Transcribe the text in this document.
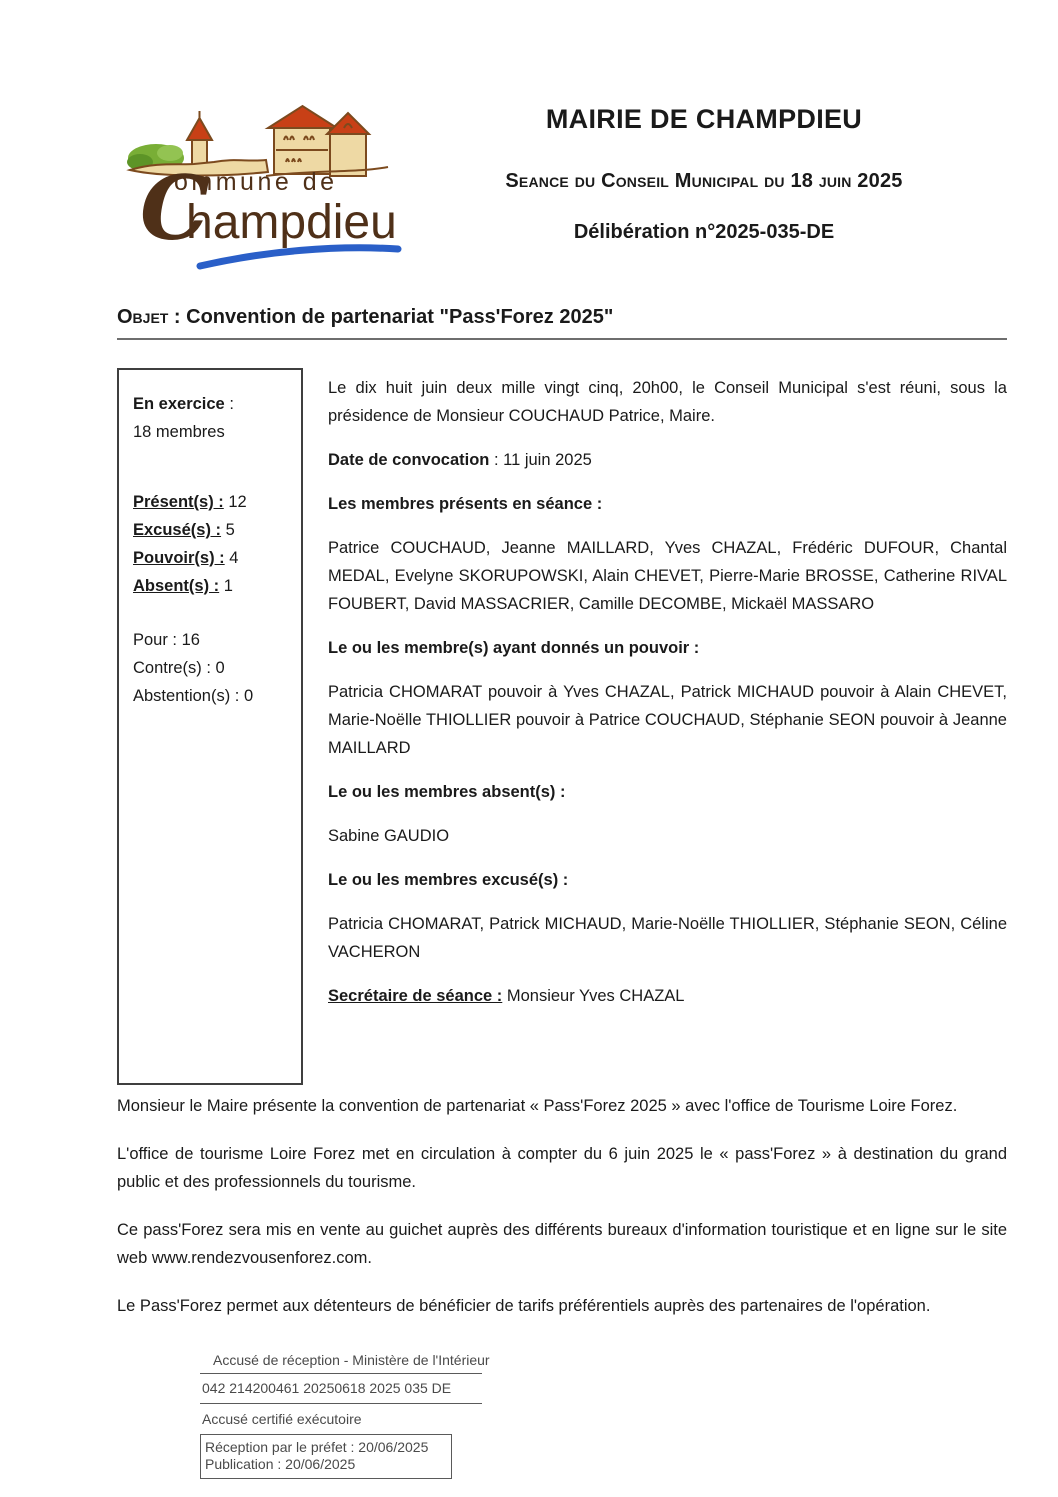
ommune de
C
hampdieu
MAIRIE DE CHAMPDIEU
Seance du Conseil Municipal du 18 juin 2025
Délibération n°2025-035-DE
Objet : Convention de partenariat "Pass'Forez 2025"
En exercice :
18 membres
Présent(s) : 12
Excusé(s) : 5
Pouvoir(s) : 4
Absent(s) : 1
Pour : 16
Contre(s) : 0
Abstention(s) : 0

Le dix huit juin deux mille vingt cinq, 20h00, le Conseil Municipal s'est réuni, sous la présidence de Monsieur COUCHAUD Patrice, Maire.

Date de convocation : 11 juin 2025

Les membres présents en séance :

Patrice COUCHAUD, Jeanne MAILLARD, Yves CHAZAL, Frédéric DUFOUR, Chantal MEDAL, Evelyne SKORUPOWSKI, Alain CHEVET, Pierre-Marie BROSSE, Catherine RIVAL FOUBERT, David MASSACRIER, Camille DECOMBE, Mickaël MASSARO

Le ou les membre(s) ayant donnés un pouvoir :

Patricia CHOMARAT pouvoir à Yves CHAZAL, Patrick MICHAUD pouvoir à Alain CHEVET, Marie-Noëlle THIOLLIER pouvoir à Patrice COUCHAUD, Stéphanie SEON pouvoir à Jeanne MAILLARD

Le ou les membres absent(s) :

Sabine GAUDIO

Le ou les membres excusé(s) :

Patricia CHOMARAT, Patrick MICHAUD, Marie-Noëlle THIOLLIER, Stéphanie SEON, Céline VACHERON

Secrétaire de séance : Monsieur Yves CHAZAL

Monsieur le Maire présente la convention de partenariat « Pass'Forez 2025 » avec l'office de Tourisme Loire Forez.

L'office de tourisme Loire Forez met en circulation à compter du 6 juin 2025 le « pass'Forez » à destination du grand public et des professionnels du tourisme.

Ce pass'Forez sera mis en vente au guichet auprès des différents bureaux d'information touristique et en ligne sur le site web www.rendezvousenforez.com.

Le Pass'Forez permet aux détenteurs de bénéficier de tarifs préférentiels auprès des partenaires de l'opération.

Accusé de réception - Ministère de l'Intérieur
042 214200461 20250618 2025 035 DE
Accusé certifié exécutoire
Réception par le préfet : 20/06/2025
Publication : 20/06/2025
